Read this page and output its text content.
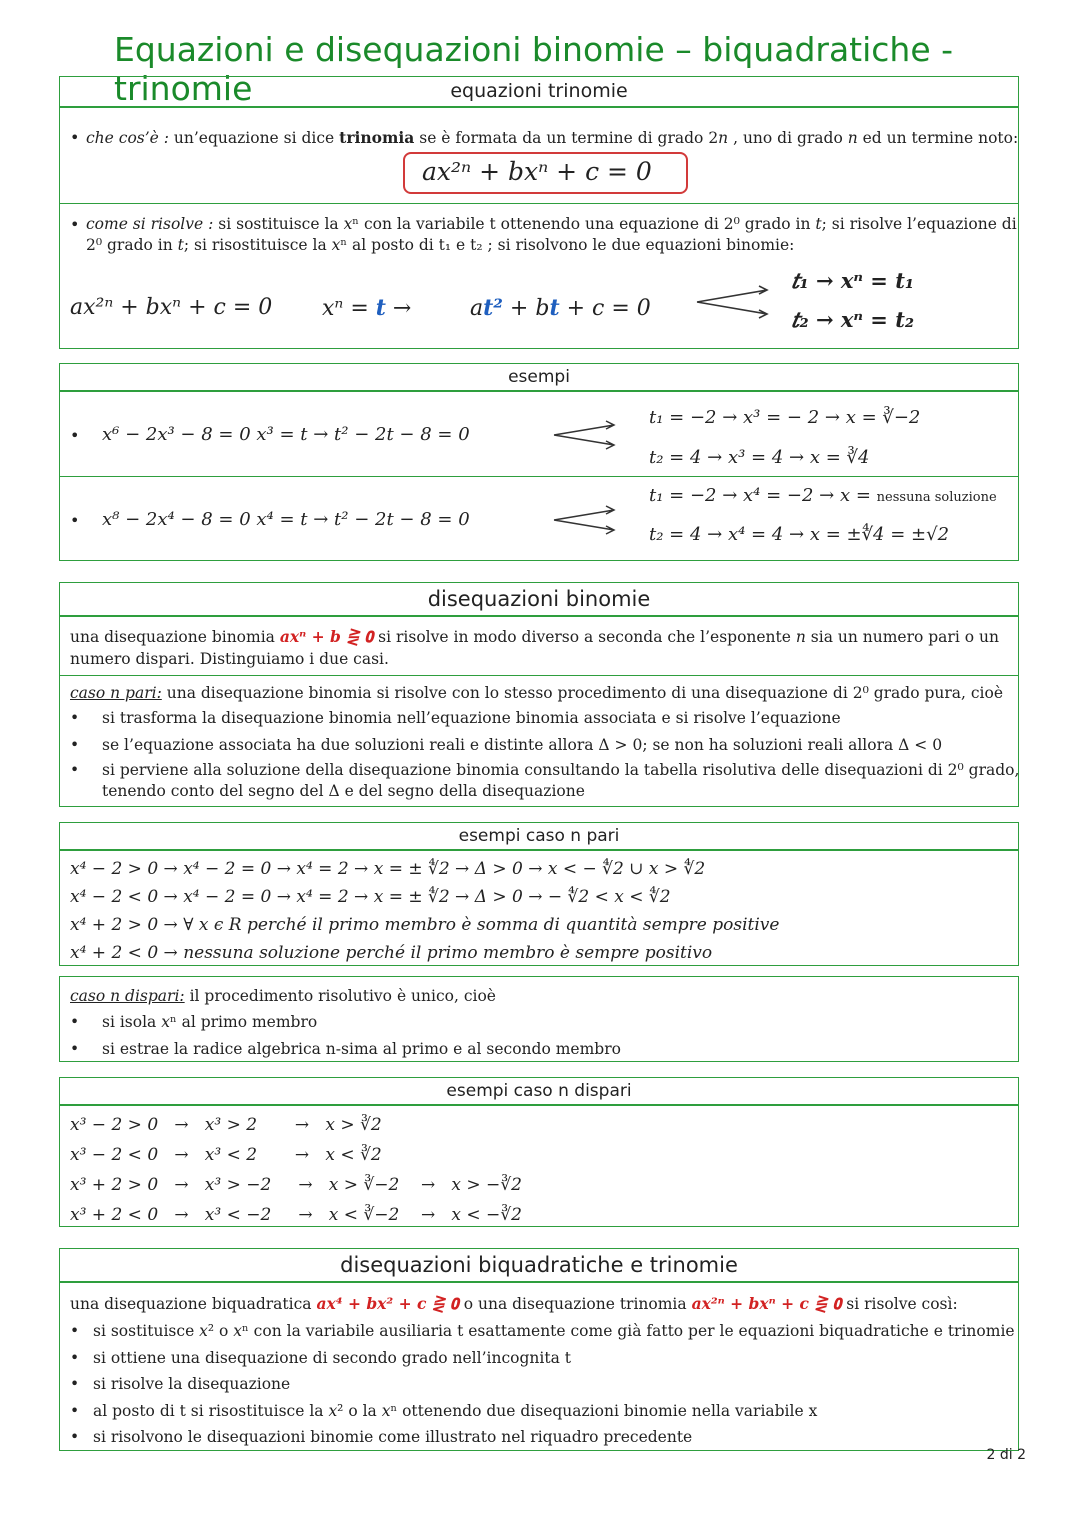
Equazioni e disequazioni binomie – biquadratiche - trinomie	equazioni trinomie
• che cos’è : un’equazione si dice trinomia se è formata da un termine di grado 2𝑛 , uno di grado 𝑛 ed un termine noto:
𝑎𝑥²ⁿ + 𝑏𝑥ⁿ + 𝑐 = 0
• come si risolve : si sostituisce la 𝑥ⁿ con la variabile t ottenendo una equazione di 2⁰ grado in 𝑡; si risolve l’equazione di
2⁰ grado in 𝑡; si risostituisce la 𝑥ⁿ al posto di t₁ e t₂ ; si risolvono le due equazioni binomie:
𝑎𝑥²ⁿ + 𝑏𝑥ⁿ + 𝑐 = 0 𝑥ⁿ = 𝒕 →	𝑎𝒕² + 𝑏𝒕 + 𝑐 = 0
𝑡₁ → 𝒙ⁿ = 𝒕₁
𝑡₂ → 𝒙ⁿ = 𝒕₂
esempi
• 𝑥⁶ − 2𝑥³ − 8 = 0 𝑥³ = 𝑡 → 𝑡² − 2𝑡 − 8 = 0
𝑡₁ = −2 → 𝑥³ = − 2 → 𝑥 = ∛−2
𝑡₂ = 4 → 𝑥³ = 4 → 𝑥 = ∛4
• 𝑥⁸ − 2𝑥⁴ − 8 = 0 𝑥⁴ = 𝑡 → 𝑡² − 2𝑡 − 8 = 0
𝑡₁ = −2 → 𝑥⁴ = −2 → 𝑥 = nessuna soluzione
𝑡₂ = 4 → 𝑥⁴ = 4 → 𝑥 = ±∜4 = ±√2
disequazioni binomie
una disequazione binomia 𝒂𝒙ⁿ + 𝒃 ⋛ 𝟎 si risolve in modo diverso a seconda che l’esponente 𝑛 sia un numero pari o un
numero dispari. Distinguiamo i due casi.
caso n pari: una disequazione binomia si risolve con lo stesso procedimento di una disequazione di 2⁰ grado pura, cioè
• si trasforma la disequazione binomia nell’equazione binomia associata e si risolve l’equazione
• se l’equazione associata ha due soluzioni reali e distinte allora Δ > 0; se non ha soluzioni reali allora Δ < 0
• si perviene alla soluzione della disequazione binomia consultando la tabella risolutiva delle disequazioni di 2⁰ grado,
tenendo conto del segno del Δ e del segno della disequazione
esempi caso n pari
𝑥⁴ − 2 > 0 → 𝑥⁴ − 2 = 0 → 𝑥⁴ = 2 → 𝑥 = ± ∜2 → Δ > 0 → 𝑥 < − ∜2 ∪ 𝑥 > ∜2
𝑥⁴ − 2 < 0 → 𝑥⁴ − 2 = 0 → 𝑥⁴ = 2 → 𝑥 = ± ∜2 → Δ > 0 → − ∜2 < 𝑥 < ∜2
𝑥⁴ + 2 > 0 → ∀ 𝑥 ϵ 𝑅 perché il primo membro è somma di quantità sempre positive
𝑥⁴ + 2 < 0 → nessuna soluzione perché il primo membro è sempre positivo
caso n dispari: il procedimento risolutivo è unico, cioè
• si isola 𝑥ⁿ al primo membro
• si estrae la radice algebrica n-sima al primo e al secondo membro
esempi caso n dispari
𝑥³ − 2 > 0   →   𝑥³ > 2       →   𝑥 > ∛2
𝑥³ − 2 < 0   →   𝑥³ < 2       →   𝑥 < ∛2
𝑥³ + 2 > 0   →   𝑥³ > −2     →   𝑥 > ∛−2    →   𝑥 > −∛2
𝑥³ + 2 < 0   →   𝑥³ < −2     →   𝑥 < ∛−2    →   𝑥 < −∛2
disequazioni biquadratiche e trinomie
una disequazione biquadratica 𝒂𝒙⁴ + 𝒃𝒙² + 𝒄 ⋛ 𝟎 o una disequazione trinomia 𝒂𝒙²ⁿ + 𝒃𝒙ⁿ + 𝒄 ⋛ 𝟎 si risolve così:
• si sostituisce 𝑥² o 𝑥ⁿ con la variabile ausiliaria t esattamente come già fatto per le equazioni biquadratiche e trinomie
• si ottiene una disequazione di secondo grado nell’incognita t
• si risolve la disequazione
• al posto di t si risostituisce la 𝑥² o la 𝑥ⁿ ottenendo due disequazioni binomie nella variabile x
• si risolvono le disequazioni binomie come illustrato nel riquadro precedente
2 di 2
